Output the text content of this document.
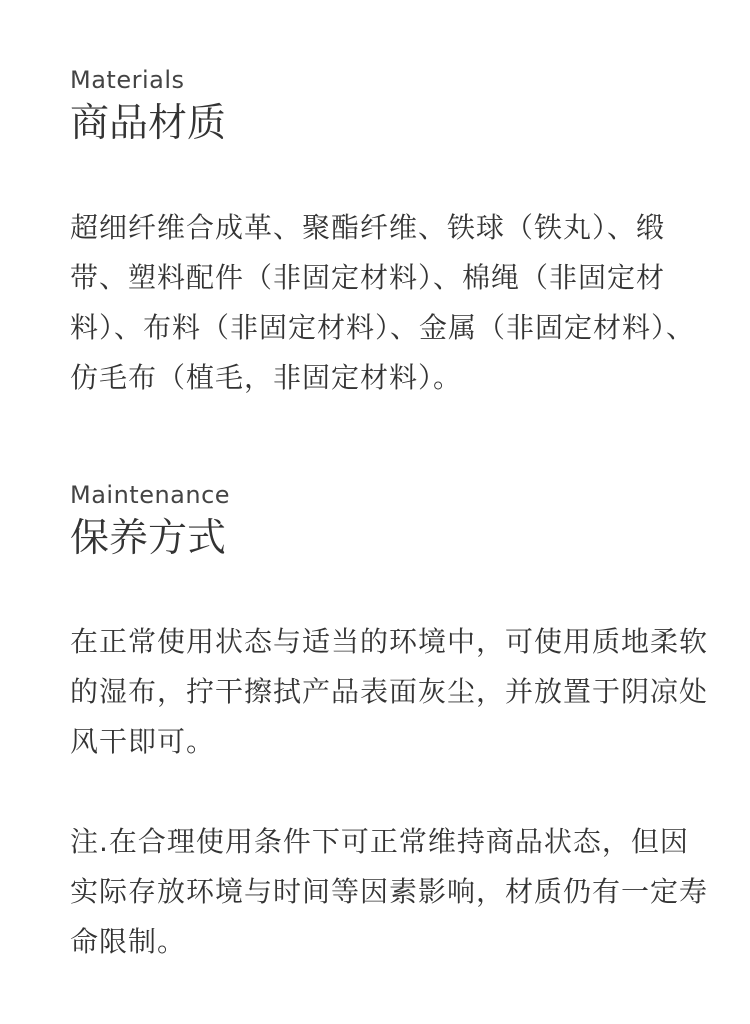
Materials

商品材质

超细纤维合成革、聚酯纤维、铁球（铁丸）、缎带、塑料配件（非固定材料）、棉绳（非固定材料）、布料（非固定材料）、金属（非固定材料）、仿毛布（植毛，非固定材料）。

Maintenance

保养方式

在正常使用状态与适当的环境中，可使用质地柔软的湿布，拧干擦拭产品表面灰尘，并放置于阴凉处风干即可。

注.在合理使用条件下可正常维持商品状态，但因实际存放环境与时间等因素影响，材质仍有一定寿命限制。
